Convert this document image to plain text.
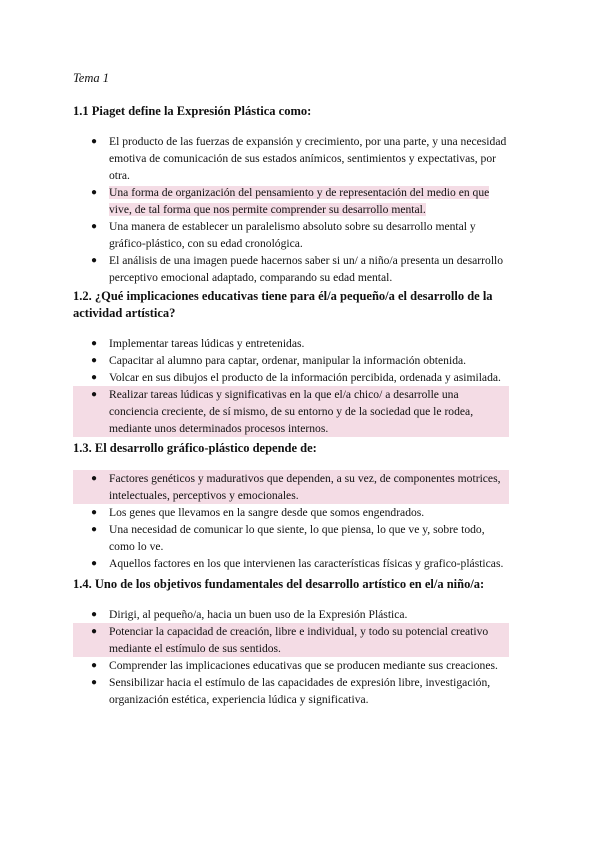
Tema 1

1.1 Piaget define la Expresión Plástica como:

● El producto de las fuerzas de expansión y crecimiento, por una parte, y una necesidad emotiva de comunicación de sus estados anímicos, sentimientos y expectativas, por otra.
● Una forma de organización del pensamiento y de representación del medio en que vive, de tal forma que nos permite comprender su desarrollo mental.
● Una manera de establecer un paralelismo absoluto sobre su desarrollo mental y gráfico-plástico, con su edad cronológica.
● El análisis de una imagen puede hacernos saber si un/ a niño/a presenta un desarrollo perceptivo emocional adaptado, comparando su edad mental.

1.2. ¿Qué implicaciones educativas tiene para él/a pequeño/a el desarrollo de la actividad artística?

● Implementar tareas lúdicas y entretenidas.
● Capacitar al alumno para captar, ordenar, manipular la información obtenida.
● Volcar en sus dibujos el producto de la información percibida, ordenada y asimilada.
● Realizar tareas lúdicas y significativas en la que el/a chico/ a desarrolle una conciencia creciente, de sí mismo, de su entorno y de la sociedad que le rodea, mediante unos determinados procesos internos.

1.3. El desarrollo gráfico-plástico depende de:

● Factores genéticos y madurativos que dependen, a su vez, de componentes motrices, intelectuales, perceptivos y emocionales.
● Los genes que llevamos en la sangre desde que somos engendrados.
● Una necesidad de comunicar lo que siente, lo que piensa, lo que ve y, sobre todo, como lo ve.
● Aquellos factores en los que intervienen las características físicas y grafico-plásticas.

1.4. Uno de los objetivos fundamentales del desarrollo artístico en el/a niño/a:

● Dirigi, al pequeño/a, hacia un buen uso de la Expresión Plástica.
● Potenciar la capacidad de creación, libre e individual, y todo su potencial creativo mediante el estímulo de sus sentidos.
● Comprender las implicaciones educativas que se producen mediante sus creaciones.
● Sensibilizar hacia el estímulo de las capacidades de expresión libre, investigación, organización estética, experiencia lúdica y significativa.
